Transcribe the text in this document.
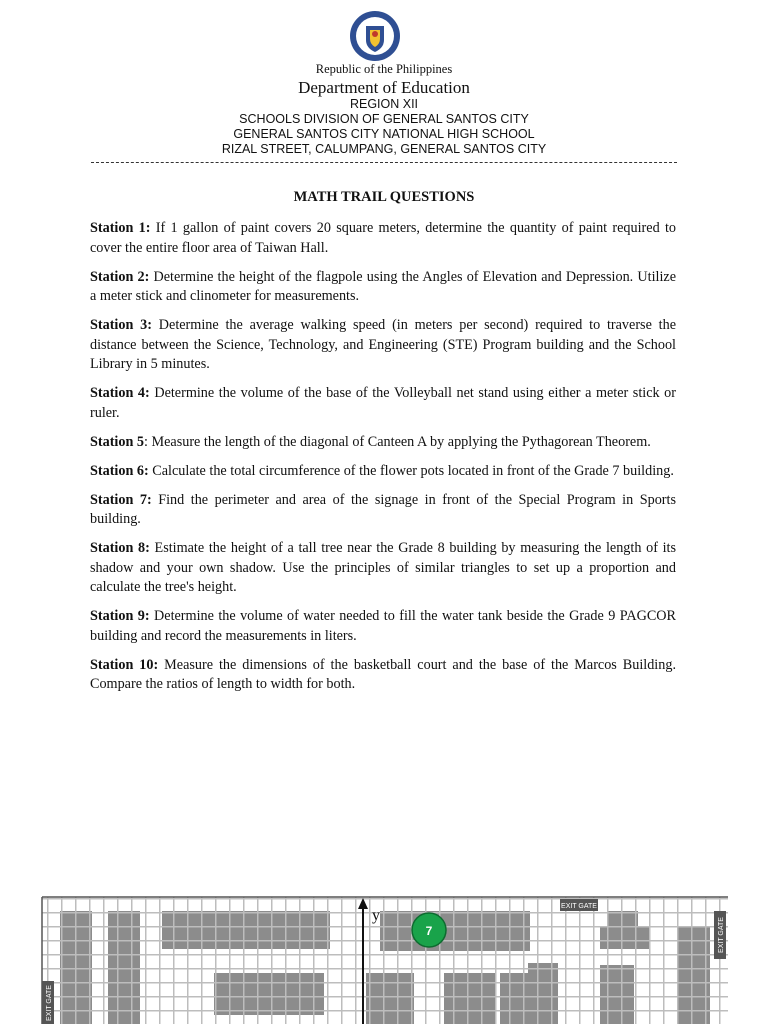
Republic of the Philippines
Department of Education
REGION XII
SCHOOLS DIVISION OF GENERAL SANTOS CITY
GENERAL SANTOS CITY NATIONAL HIGH SCHOOL
RIZAL STREET, CALUMPANG, GENERAL SANTOS CITY
MATH TRAIL QUESTIONS

Station 1: If 1 gallon of paint covers 20 square meters, determine the quantity of paint required to cover the entire floor area of Taiwan Hall.

Station 2: Determine the height of the flagpole using the Angles of Elevation and Depression. Utilize a meter stick and clinometer for measurements.

Station 3: Determine the average walking speed (in meters per second) required to traverse the distance between the Science, Technology, and Engineering (STE) Program building and the School Library in 5 minutes.

Station 4: Determine the volume of the base of the Volleyball net stand using either a meter stick or ruler.

Station 5: Measure the length of the diagonal of Canteen A by applying the Pythagorean Theorem.

Station 6: Calculate the total circumference of the flower pots located in front of the Grade 7 building.

Station 7: Find the perimeter and area of the signage in front of the Special Program in Sports building.

Station 8: Estimate the height of a tall tree near the Grade 8 building by measuring the length of its shadow and your own shadow. Use the principles of similar triangles to set up a proportion and calculate the tree's height.

Station 9: Determine the volume of water needed to fill the water tank beside the Grade 9 PAGCOR building and record the measurements in liters.

Station 10: Measure the dimensions of the basketball court and the base of the Marcos Building. Compare the ratios of length to width for both.

y
7
EXIT GATE
EXIT GATE
EXIT GATE
